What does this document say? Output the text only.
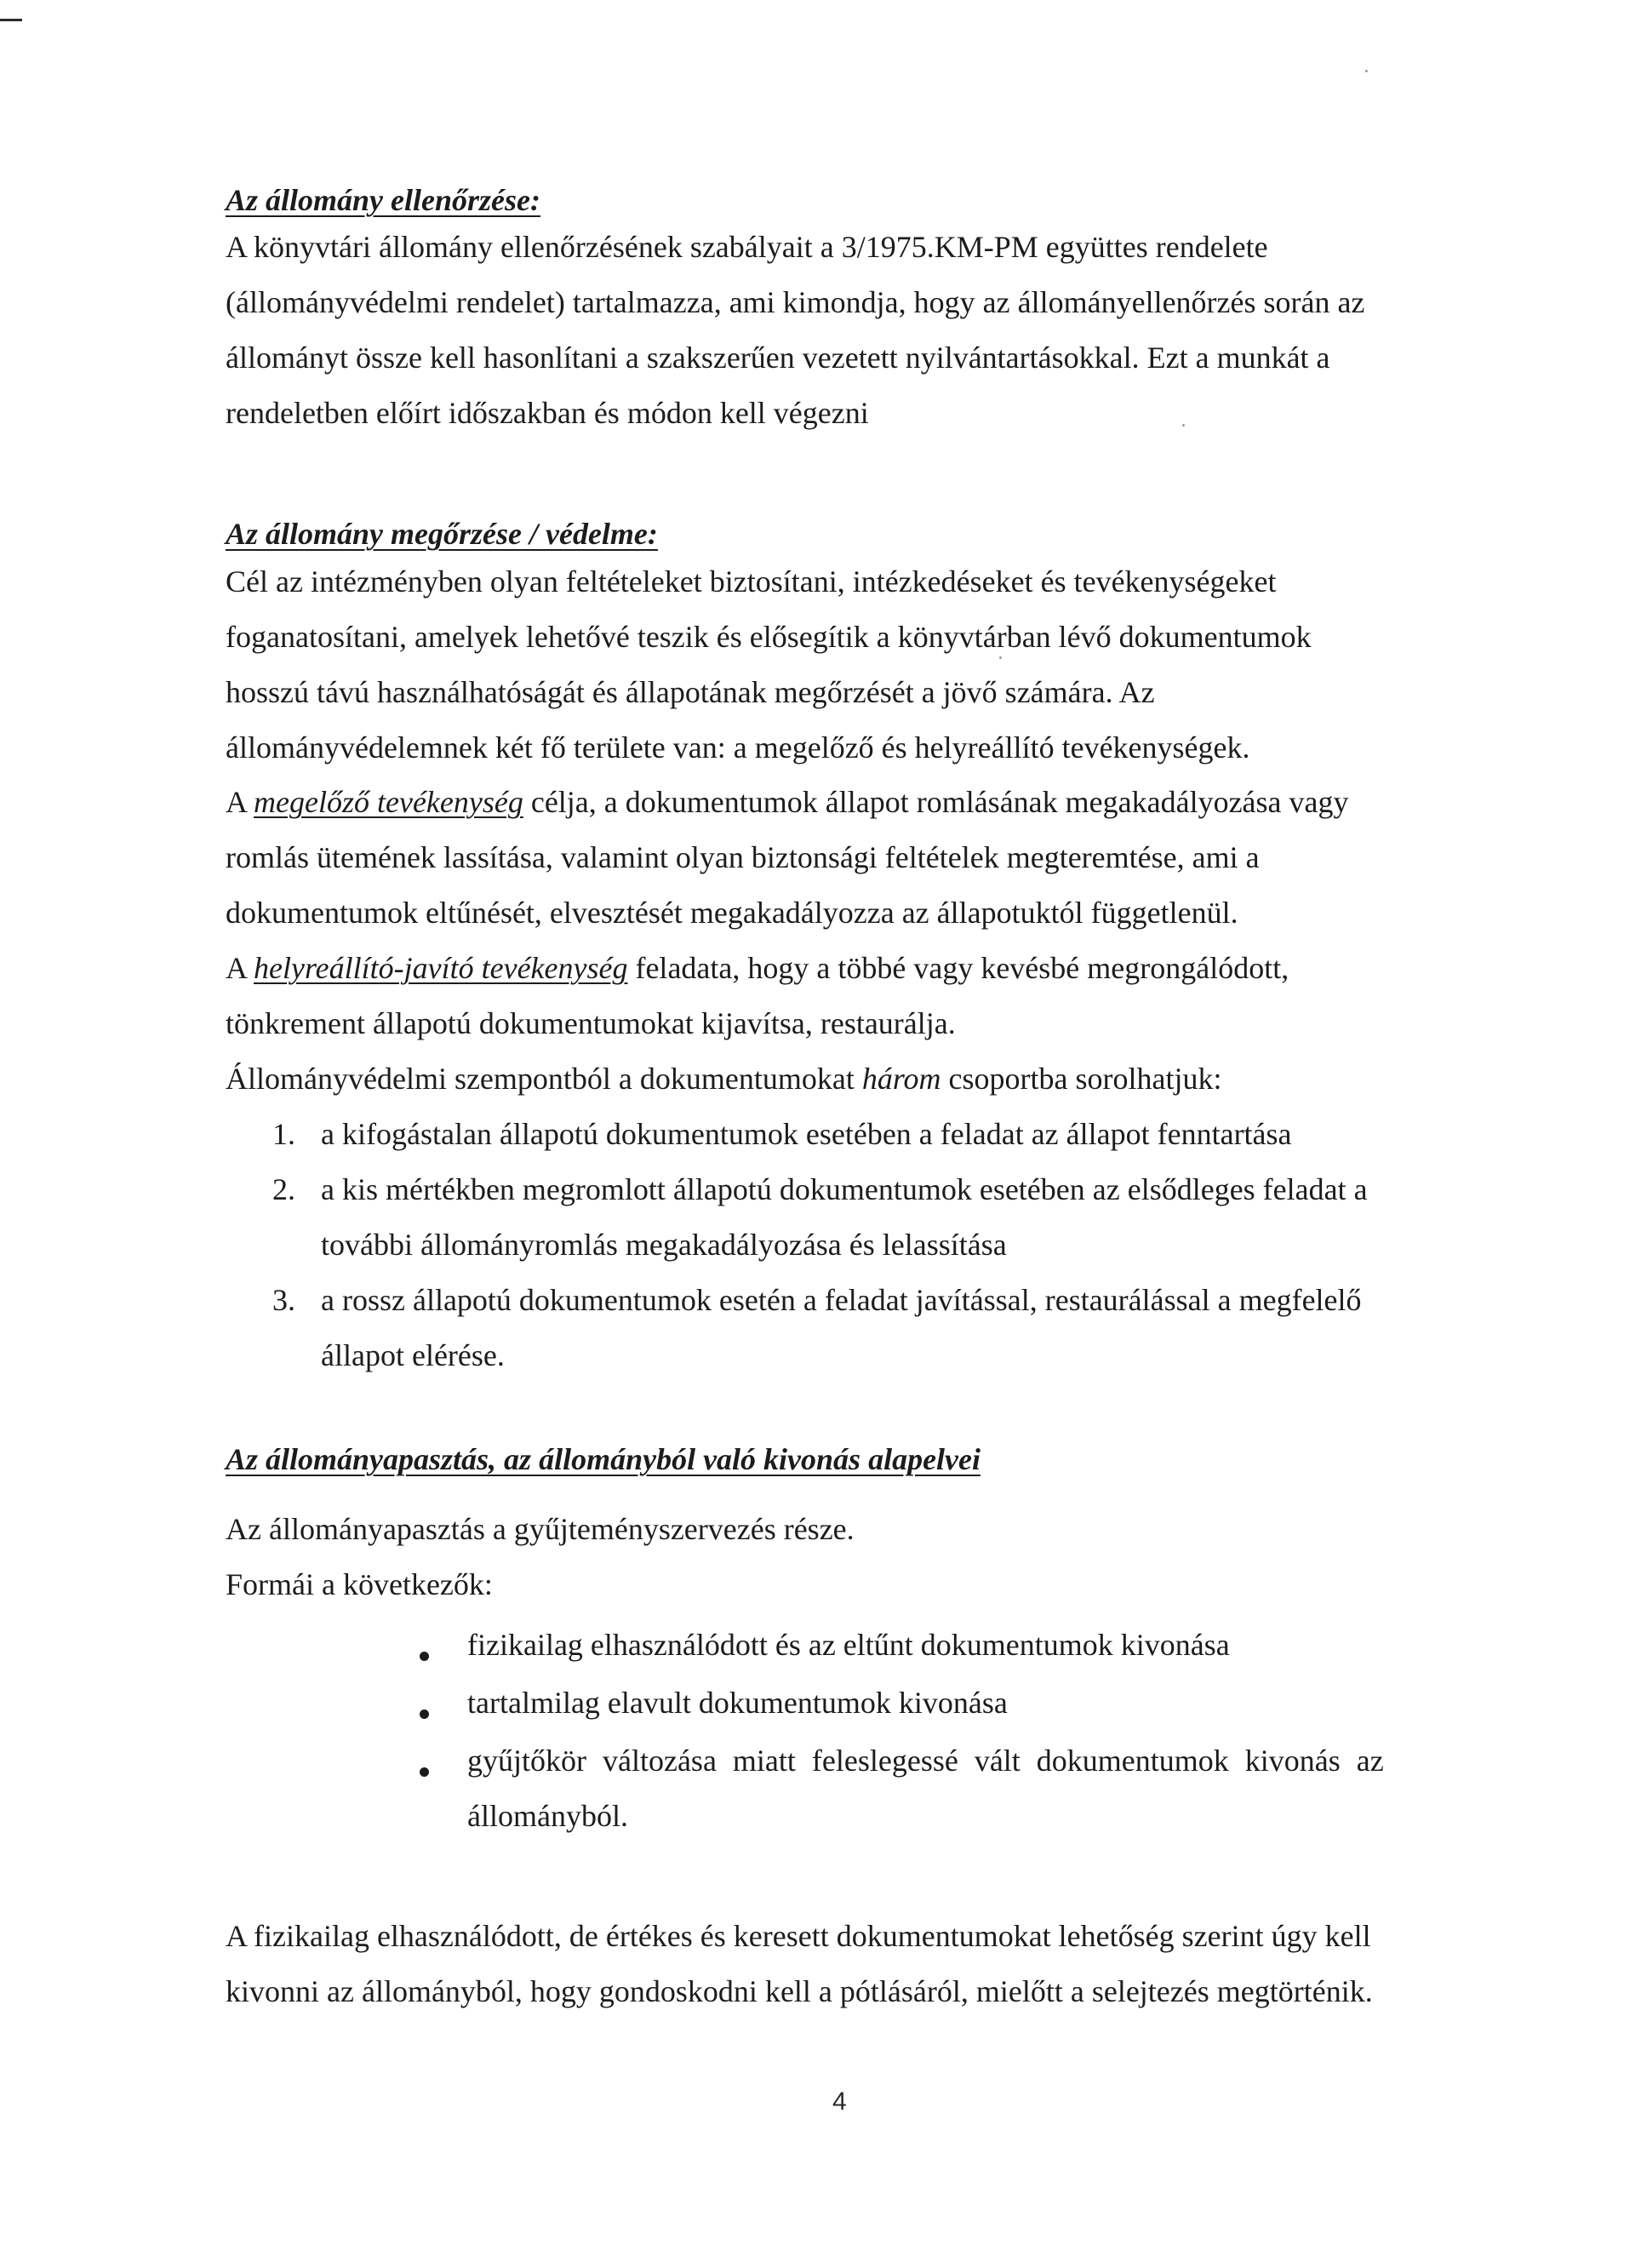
Az állomány ellenőrzése:
A könyvtári állomány ellenőrzésének szabályait a 3/1975.KM-PM együttes rendelete
(állományvédelmi rendelet) tartalmazza, ami kimondja, hogy az állományellenőrzés során az
állományt össze kell hasonlítani a szakszerűen vezetett nyilvántartásokkal. Ezt a munkát a
rendeletben előírt időszakban és módon kell végezni
Az állomány megőrzése / védelme:
Cél az intézményben olyan feltételeket biztosítani, intézkedéseket és tevékenységeket
foganatosítani, amelyek lehetővé teszik és elősegítik a könyvtárban lévő dokumentumok
hosszú távú használhatóságát és állapotának megőrzését a jövő számára. Az
állományvédelemnek két fő területe van: a megelőző és helyreállító tevékenységek.
A megelőző tevékenység célja, a dokumentumok állapot romlásának megakadályozása vagy
romlás ütemének lassítása, valamint olyan biztonsági feltételek megteremtése, ami a
dokumentumok eltűnését, elvesztését megakadályozza az állapotuktól függetlenül.
A helyreállító-javító tevékenység feladata, hogy a többé vagy kevésbé megrongálódott,
tönkrement állapotú dokumentumokat kijavítsa, restaurálja.
Állományvédelmi szempontból a dokumentumokat három csoportba sorolhatjuk:
1. a kifogástalan állapotú dokumentumok esetében a feladat az állapot fenntartása
2. a kis mértékben megromlott állapotú dokumentumok esetében az elsődleges feladat a
további állományromlás megakadályozása és lelassítása
3. a rossz állapotú dokumentumok esetén a feladat javítással, restaurálással a megfelelő
állapot elérése.
Az állományapasztás, az állományból való kivonás alapelvei
Az állományapasztás a gyűjteményszervezés része.
Formái a következők:
fizikailag elhasználódott és az eltűnt dokumentumok kivonása
tartalmilag elavult dokumentumok kivonása
gyűjtőkör változása miatt feleslegessé vált dokumentumok kivonás az
állományból.
A fizikailag elhasználódott, de értékes és keresett dokumentumokat lehetőség szerint úgy kell
kivonni az állományból, hogy gondoskodni kell a pótlásáról, mielőtt a selejtezés megtörténik.
4
